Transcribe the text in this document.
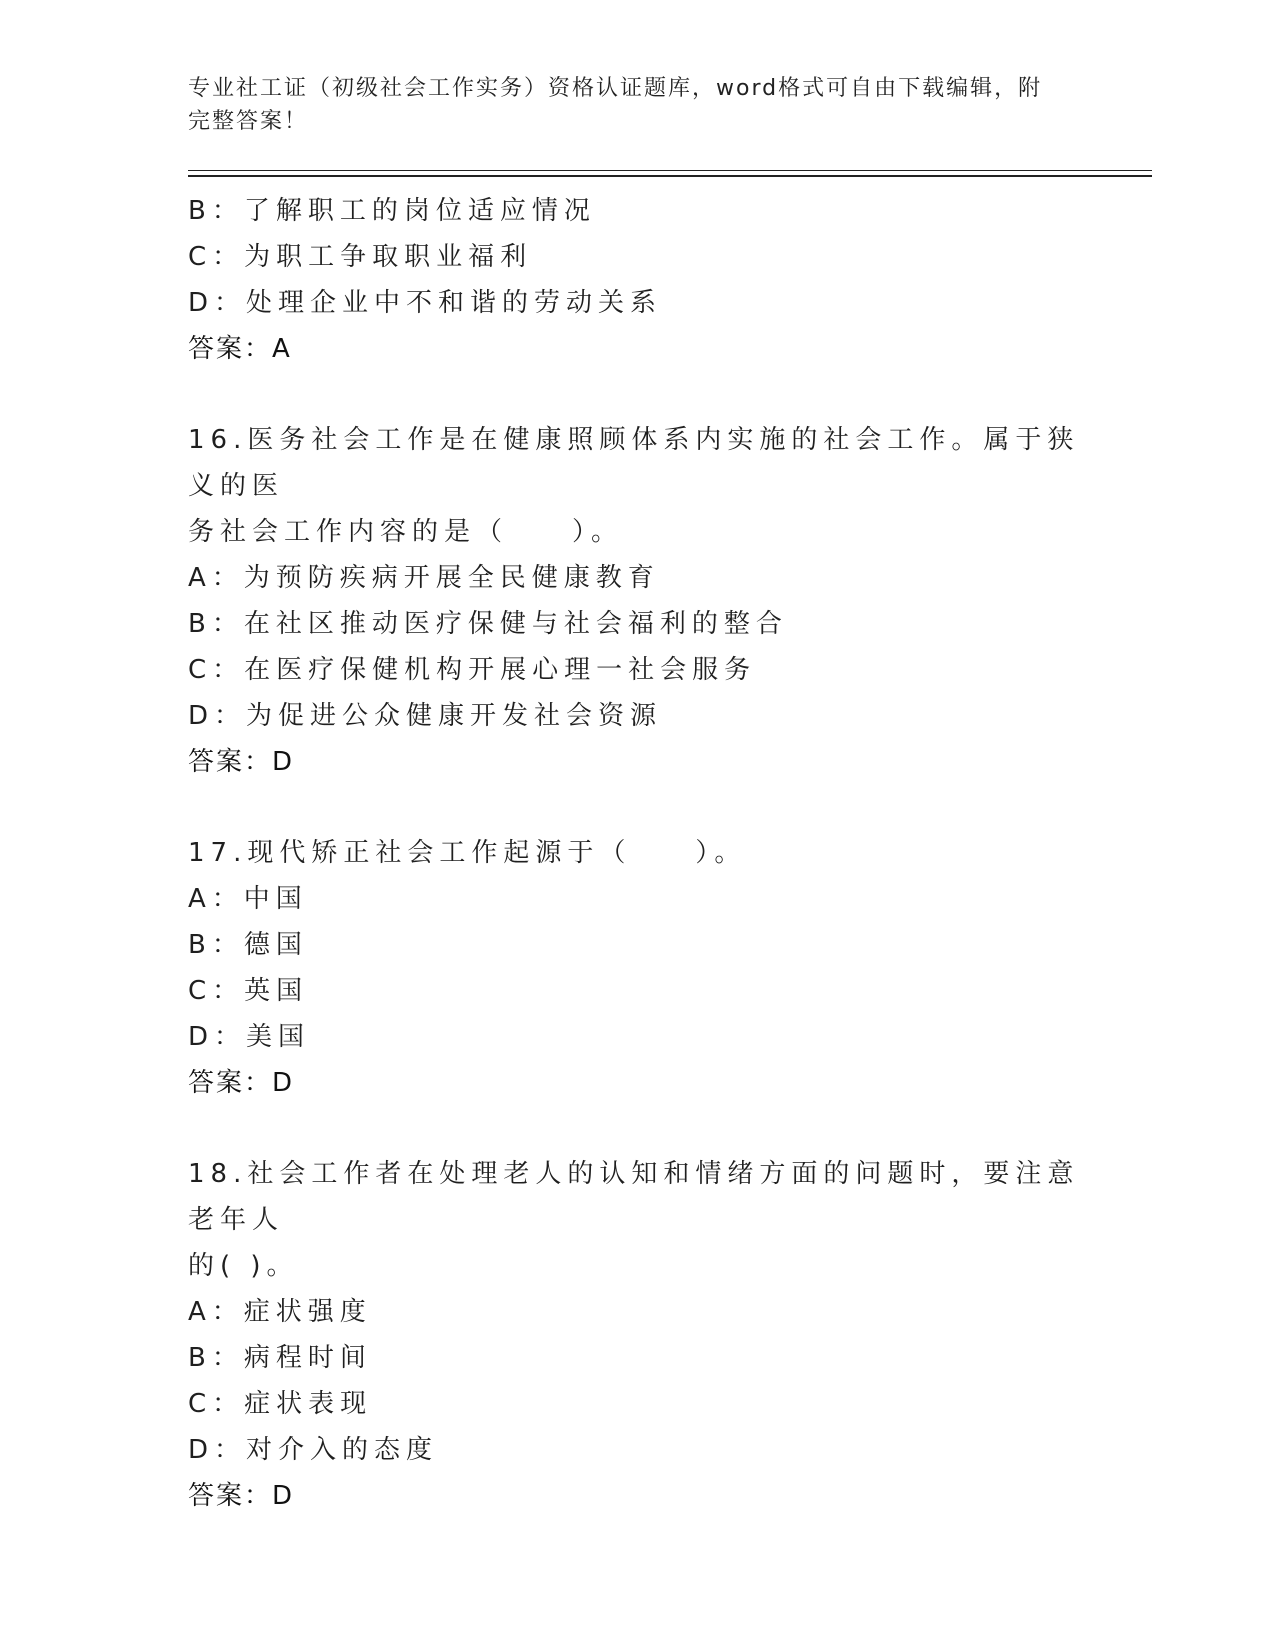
专业社工证（初级社会工作实务）资格认证题库，word格式可自由下载编辑，附
完整答案！
B：了解职工的岗位适应情况
C：为职工争取职业福利
D：处理企业中不和谐的劳动关系
答案：A
16.医务社会工作是在健康照顾体系内实施的社会工作。属于狭义的医
务社会工作内容的是（　　）。
A：为预防疾病开展全民健康教育
B：在社区推动医疗保健与社会福利的整合
C：在医疗保健机构开展心理一社会服务
D：为促进公众健康开发社会资源
答案：D
17.现代矫正社会工作起源于（　　）。
A：中国
B：德国
C：英国
D：美国
答案：D
18.社会工作者在处理老人的认知和情绪方面的问题时，要注意老年人
的( )。
A：症状强度
B：病程时间
C：症状表现
D：对介入的态度
答案：D
